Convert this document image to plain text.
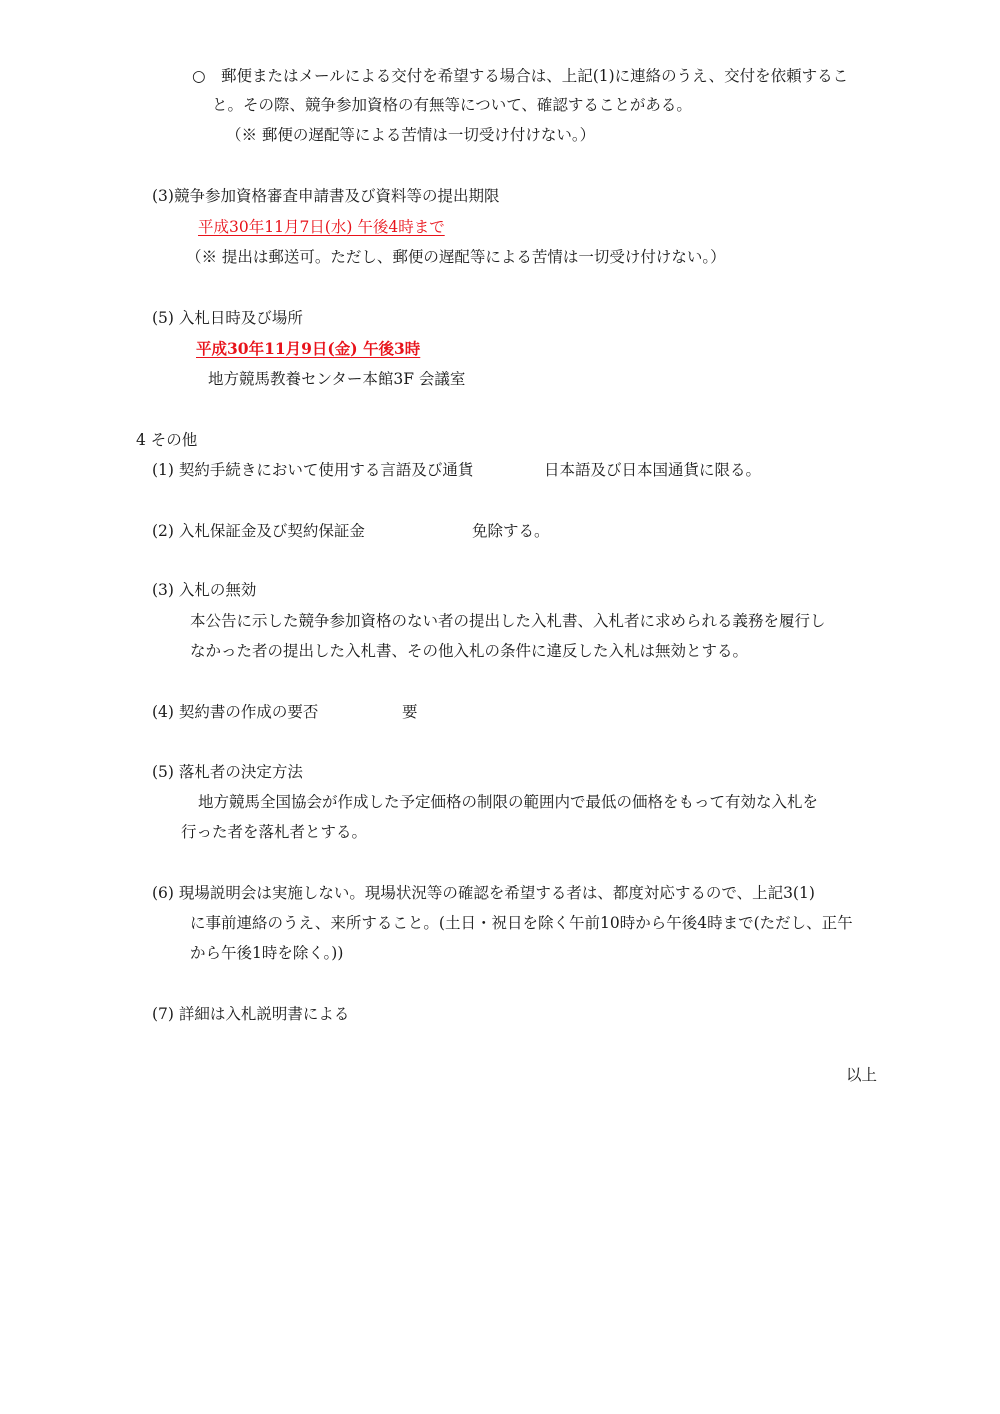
○　郵便またはメールによる交付を希望する場合は、上記(1)に連絡のうえ、交付を依頼するこ
と。その際、競争参加資格の有無等について、確認することがある。
（※ 郵便の遅配等による苦情は一切受け付けない。）
(3)競争参加資格審査申請書及び資料等の提出期限
平成30年11月7日(水) 午後4時まで
（※ 提出は郵送可。ただし、郵便の遅配等による苦情は一切受け付けない。）
(5) 入札日時及び場所
平成30年11月9日(金) 午後3時
地方競馬教養センター本館3F 会議室
4 その他
(1) 契約手続きにおいて使用する言語及び通貨	日本語及び日本国通貨に限る。
(2) 入札保証金及び契約保証金	免除する。
(3) 入札の無効
本公告に示した競争参加資格のない者の提出した入札書、入札者に求められる義務を履行し
なかった者の提出した入札書、その他入札の条件に違反した入札は無効とする。
(4) 契約書の作成の要否	要
(5) 落札者の決定方法
地方競馬全国協会が作成した予定価格の制限の範囲内で最低の価格をもって有効な入札を
行った者を落札者とする。
(6) 現場説明会は実施しない。現場状況等の確認を希望する者は、都度対応するので、上記3(1)
に事前連絡のうえ、来所すること。(土日・祝日を除く午前10時から午後4時まで(ただし、正午
から午後1時を除く。))
(7) 詳細は入札説明書による
以上
